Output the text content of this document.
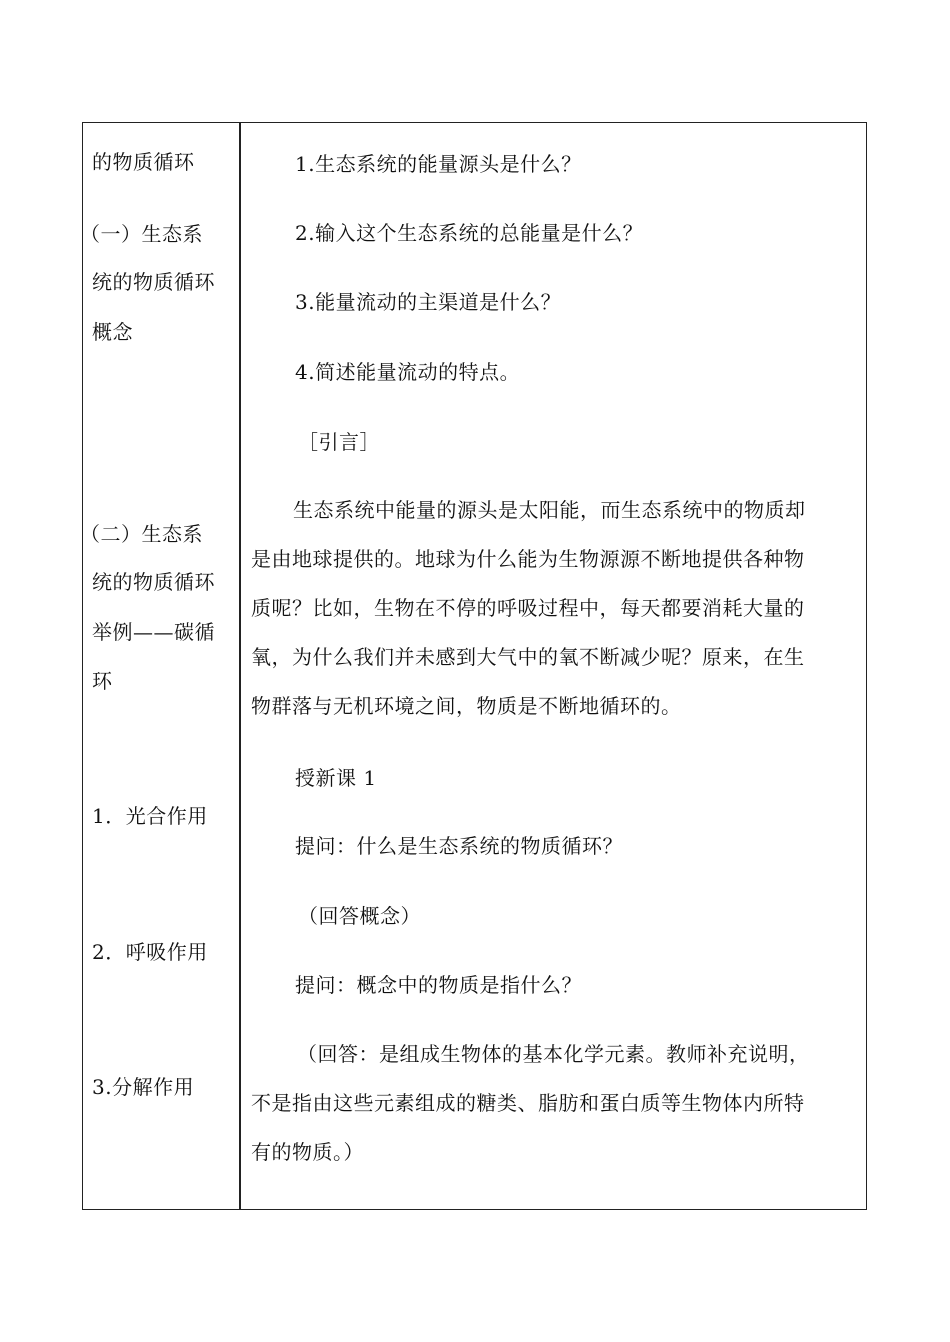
的物质循环
（一）生态系
统的物质循环
概念
（二）生态系
统的物质循环
举例——碳循
环
1．光合作用
2．呼吸作用
3.分解作用
1.生态系统的能量源头是什么？
2.输入这个生态系统的总能量是什么？
3.能量流动的主渠道是什么？
4.简述能量流动的特点。
［引言］
生态系统中能量的源头是太阳能，而生态系统中的物质却
是由地球提供的。地球为什么能为生物源源不断地提供各种物
质呢？比如，生物在不停的呼吸过程中，每天都要消耗大量的
氧，为什么我们并未感到大气中的氧不断减少呢？原来，在生
物群落与无机环境之间，物质是不断地循环的。
授新课 1
提问：什么是生态系统的物质循环？
（回答概念）
提问：概念中的物质是指什么？
（回答：是组成生物体的基本化学元素。教师补充说明，
不是指由这些元素组成的糖类、脂肪和蛋白质等生物体内所特
有的物质。）
